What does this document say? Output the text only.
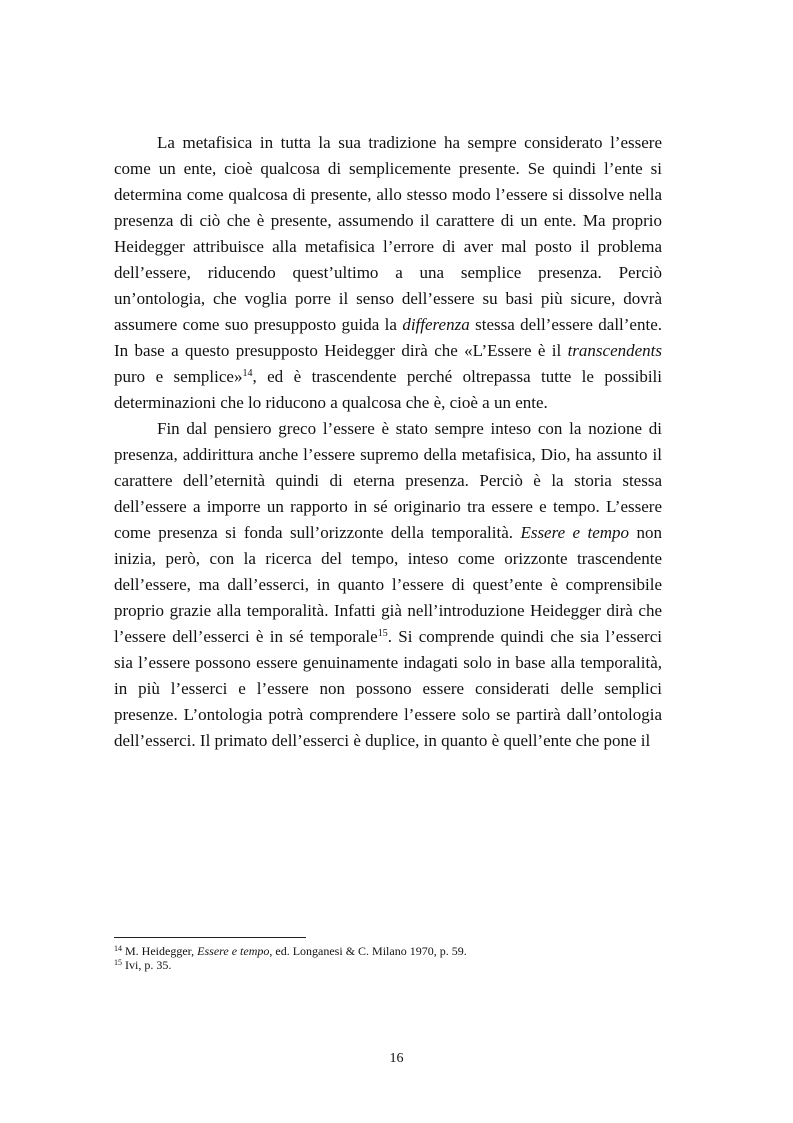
La metafisica in tutta la sua tradizione ha sempre considerato l’essere come un ente, cioè qualcosa di semplicemente presente. Se quindi l’ente si determina come qualcosa di presente, allo stesso modo l’essere si dissolve nella presenza di ciò che è presente, assumendo il carattere di un ente. Ma proprio Heidegger attribuisce alla metafisica l’errore di aver mal posto il problema dell’essere, riducendo quest’ultimo a una semplice presenza. Perciò un’ontologia, che voglia porre il senso dell’essere su basi più sicure, dovrà assumere come suo presupposto guida la differenza stessa dell’essere dall’ente. In base a questo presupposto Heidegger dirà che «L’Essere è il transcendents puro e semplice»$^{14}$, ed è trascendente perché oltrepassa tutte le possibili determinazioni che lo riducono a qualcosa che è, cioè a un ente.

Fin dal pensiero greco l’essere è stato sempre inteso con la nozione di presenza, addirittura anche l’essere supremo della metafisica, Dio, ha assunto il carattere dell’eternità quindi di eterna presenza. Perciò è la storia stessa dell’essere a imporre un rapporto in sé originario tra essere e tempo. L’essere come presenza si fonda sull’orizzonte della temporalità. Essere e tempo non inizia, però, con la ricerca del tempo, inteso come orizzonte trascendente dell’essere, ma dall’esserci, in quanto l’essere di quest’ente è comprensibile proprio grazie alla temporalità. Infatti già nell’introduzione Heidegger dirà che l’essere dell’esserci è in sé temporale$^{15}$. Si comprende quindi che sia l’esserci sia l’essere possono essere genuinamente indagati solo in base alla temporalità, in più l’esserci e l’essere non possono essere considerati delle semplici presenze. L’ontologia potrà comprendere l’essere solo se partirà dall’ontologia dell’esserci. Il primato dell’esserci è duplice, in quanto è quell’ente che pone il

$^{14}$ M. Heidegger, Essere e tempo, ed. Longanesi & C. Milano 1970, p. 59.
$^{15}$ Ivi, p. 35.
16
